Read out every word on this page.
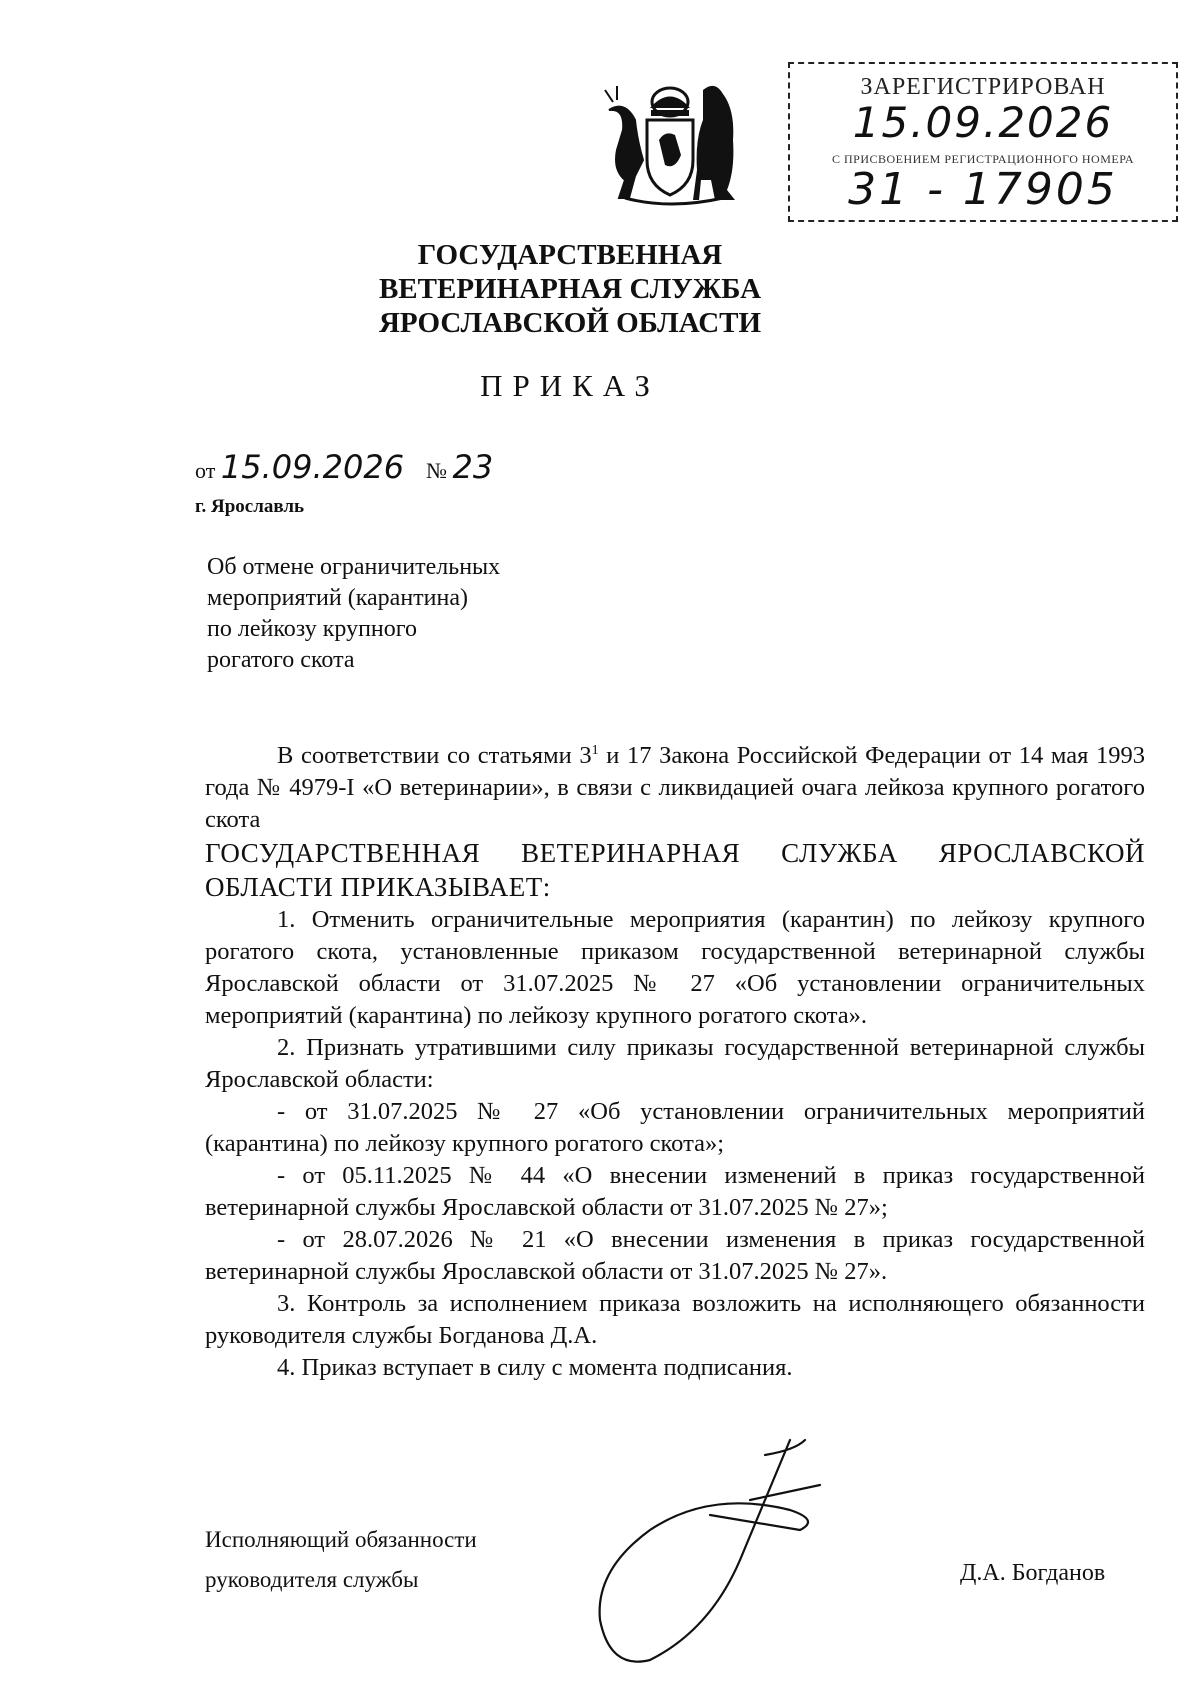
ЗАРЕГИСТРИРОВАН
15.09.2026
С ПРИСВОЕНИЕМ РЕГИСТРАЦИОННОГО НОМЕРА
31 - 17905
ГОСУДАРСТВЕННАЯ
ВЕТЕРИНАРНАЯ СЛУЖБА
ЯРОСЛАВСКОЙ ОБЛАСТИ
ПРИКАЗ
от 15.09.2026 № 23
г. Ярославль
Об отмене ограничительных
мероприятий (карантина)
по лейкозу крупного
рогатого скота

В соответствии со статьями $3^1$ и 17 Закона Российской Федерации от 14 мая 1993 года № 4979-I «О ветеринарии», в связи с ликвидацией очага лейкоза крупного рогатого скота

ГОСУДАРСТВЕННАЯ ВЕТЕРИНАРНАЯ СЛУЖБА ЯРОСЛАВСКОЙ ОБЛАСТИ ПРИКАЗЫВАЕТ:

1. Отменить ограничительные мероприятия (карантин) по лейкозу крупного рогатого скота, установленные приказом государственной ветеринарной службы Ярославской области от 31.07.2025 № 27 «Об установлении ограничительных мероприятий (карантина) по лейкозу крупного рогатого скота».

2. Признать утратившими силу приказы государственной ветеринарной службы Ярославской области:

- от 31.07.2025 № 27 «Об установлении ограничительных мероприятий (карантина) по лейкозу крупного рогатого скота»;

- от 05.11.2025 № 44 «О внесении изменений в приказ государственной ветеринарной службы Ярославской области от 31.07.2025 № 27»;

- от 28.07.2026 № 21 «О внесении изменения в приказ государственной ветеринарной службы Ярославской области от 31.07.2025 № 27».

3. Контроль за исполнением приказа возложить на исполняющего обязанности руководителя службы Богданова Д.А.

4. Приказ вступает в силу с момента подписания.

Исполняющий обязанности
руководителя службы	Д.А. Богданов
